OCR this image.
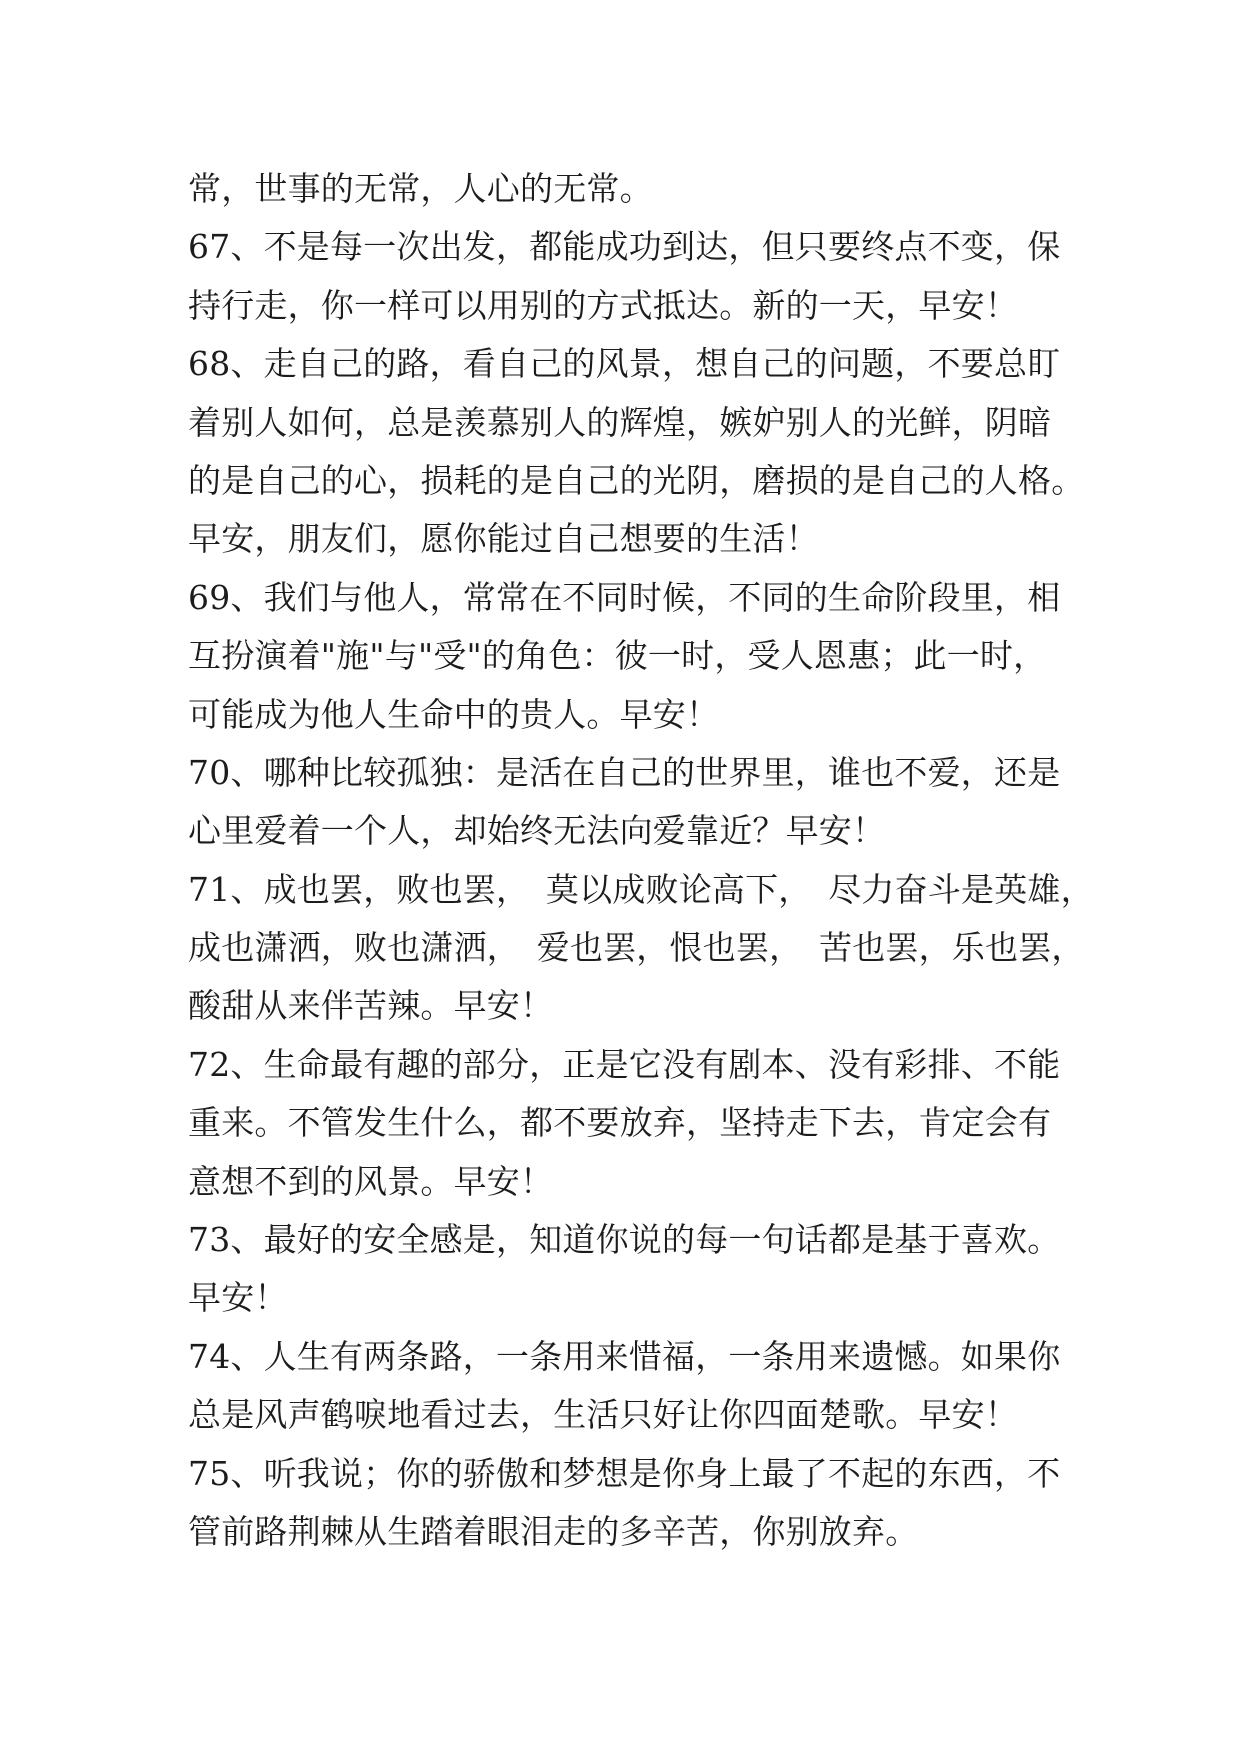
常，世事的无常，人心的无常。
67、不是每一次出发，都能成功到达，但只要终点不变，保
持行走，你一样可以用别的方式抵达。新的一天，早安！
68、走自己的路，看自己的风景，想自己的问题，不要总盯
着别人如何，总是羡慕别人的辉煌，嫉妒别人的光鲜，阴暗
的是自己的心，损耗的是自己的光阴，磨损的是自己的人格。
早安，朋友们，愿你能过自己想要的生活！
69、我们与他人，常常在不同时候，不同的生命阶段里，相
互扮演着"施"与"受"的角色：彼一时，受人恩惠；此一时，
可能成为他人生命中的贵人。早安！
70、哪种比较孤独：是活在自己的世界里，谁也不爱，还是
心里爱着一个人，却始终无法向爱靠近？早安！
71、成也罢，败也罢，　莫以成败论高下，　尽力奋斗是英雄，
成也潇洒，败也潇洒，　爱也罢，恨也罢，　苦也罢，乐也罢，
酸甜从来伴苦辣。早安！
72、生命最有趣的部分，正是它没有剧本、没有彩排、不能
重来。不管发生什么，都不要放弃，坚持走下去，肯定会有
意想不到的风景。早安！
73、最好的安全感是，知道你说的每一句话都是基于喜欢。
早安！
74、人生有两条路，一条用来惜福，一条用来遗憾。如果你
总是风声鹤唳地看过去，生活只好让你四面楚歌。早安！
75、听我说；你的骄傲和梦想是你身上最了不起的东西，不
管前路荆棘从生踏着眼泪走的多辛苦，你别放弃。
